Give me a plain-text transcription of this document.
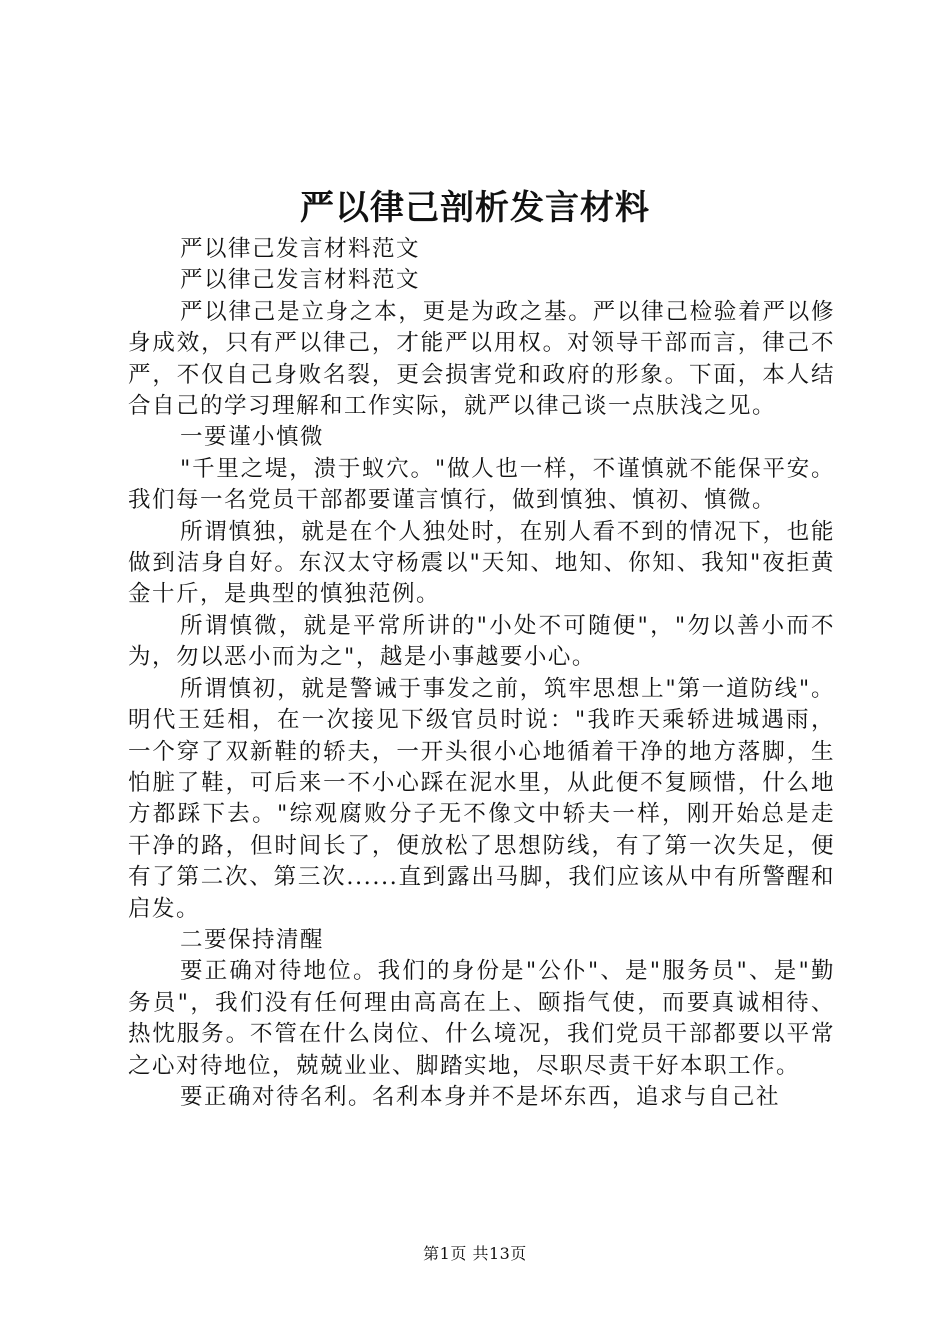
严以律己剖析发言材料

严以律己发言材料范文

严以律己发言材料范文

严以律己是立身之本，更是为政之基。严以律己检验着严以修身成效，只有严以律己，才能严以用权。对领导干部而言，律己不严，不仅自己身败名裂，更会损害党和政府的形象。下面，本人结合自己的学习理解和工作实际，就严以律己谈一点肤浅之见。

一要谨小慎微

"千里之堤，溃于蚁穴。"做人也一样，不谨慎就不能保平安。我们每一名党员干部都要谨言慎行，做到慎独、慎初、慎微。

所谓慎独，就是在个人独处时，在别人看不到的情况下，也能做到洁身自好。东汉太守杨震以"天知、地知、你知、我知"夜拒黄金十斤，是典型的慎独范例。

所谓慎微，就是平常所讲的"小处不可随便"，"勿以善小而不为，勿以恶小而为之"，越是小事越要小心。

所谓慎初，就是警诫于事发之前，筑牢思想上"第一道防线"。明代王廷相，在一次接见下级官员时说："我昨天乘轿进城遇雨，一个穿了双新鞋的轿夫，一开头很小心地循着干净的地方落脚，生怕脏了鞋，可后来一不小心踩在泥水里，从此便不复顾惜，什么地方都踩下去。"综观腐败分子无不像文中轿夫一样，刚开始总是走干净的路，但时间长了，便放松了思想防线，有了第一次失足，便有了第二次、第三次......直到露出马脚，我们应该从中有所警醒和启发。

二要保持清醒

要正确对待地位。我们的身份是"公仆"、是"服务员"、是"勤务员"，我们没有任何理由高高在上、颐指气使，而要真诚相待、热忱服务。不管在什么岗位、什么境况，我们党员干部都要以平常之心对待地位，兢兢业业、脚踏实地，尽职尽责干好本职工作。

要正确对待名利。名利本身并不是坏东西，追求与自己社

第1页 共13页
